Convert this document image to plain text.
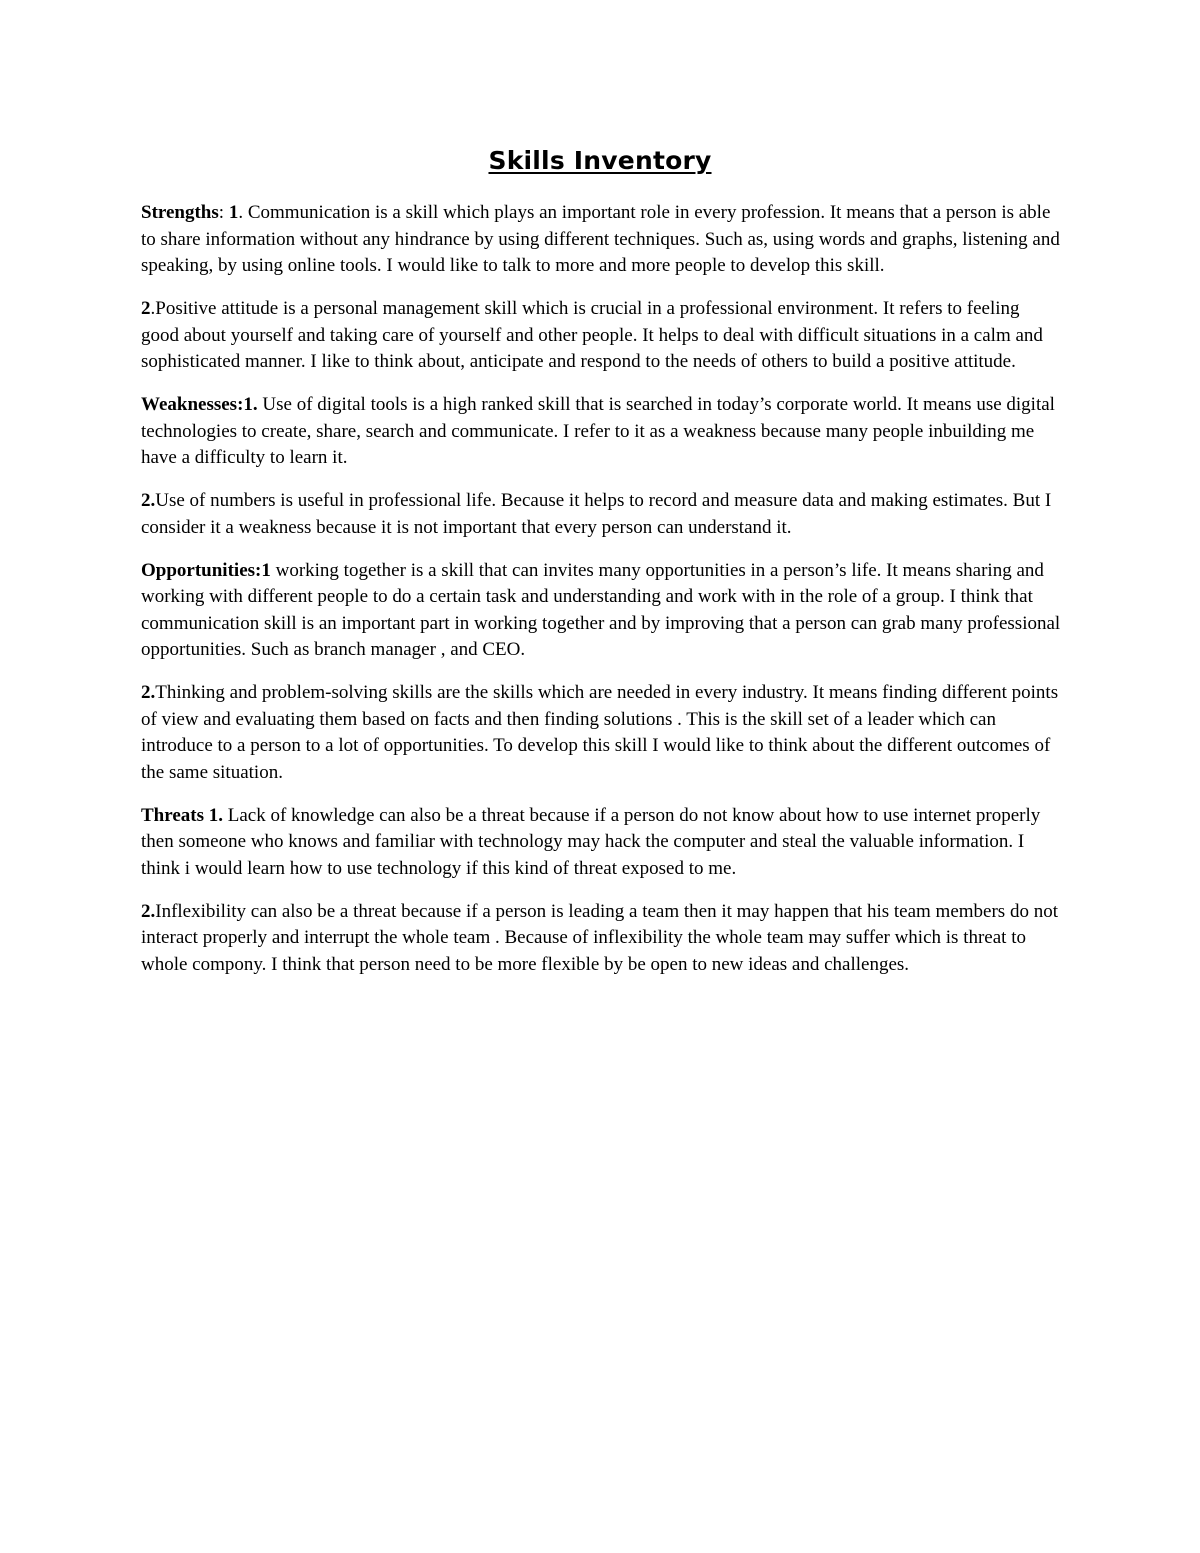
Skills Inventory

Strengths: 1. Communication is a skill which plays an important role in every profession. It means that a person is able to share information without any hindrance by using different techniques. Such as, using words and graphs, listening and speaking, by using online tools. I would like to talk to more and more people to develop this skill.

2.Positive attitude is a personal management skill which is crucial in a professional environment. It refers to feeling good about yourself and taking care of yourself and other people. It helps to deal with difficult situations in a calm and sophisticated manner. I like to think about, anticipate and respond to the needs of others to build a positive attitude.

Weaknesses:1. Use of digital tools is a high ranked skill that is searched in today’s corporate world. It means use digital technologies to create, share, search and communicate. I refer to it as a weakness because many people inbuilding me have a difficulty to learn it.

2.Use of numbers is useful in professional life. Because it helps to record and measure data and making estimates. But I consider it a weakness because it is not important that every person can understand it.

Opportunities:1 working together is a skill that can invites many opportunities in a person’s life. It means sharing and working with different people to do a certain task and understanding and work with in the role of a group. I think that communication skill is an important part in working together and by improving that a person can grab many professional opportunities. Such as branch manager , and CEO.

2.Thinking and problem-solving skills are the skills which are needed in every industry. It means finding different points of view and evaluating them based on facts and then finding solutions . This is the skill set of a leader which can introduce to a person to a lot of opportunities. To develop this skill I would like to think about the different outcomes of the same situation.

Threats 1. Lack of knowledge can also be a threat because if a person do not know about how to use internet properly then someone who knows and familiar with technology may hack the computer and steal the valuable information. I think i would learn how to use technology if this kind of threat exposed to me.

2.Inflexibility can also be a threat because if a person is leading a team then it may happen that his team members do not interact properly and interrupt the whole team . Because of inflexibility the whole team may suffer which is threat to whole compony. I think that person need to be more flexible by be open to new ideas and challenges.
